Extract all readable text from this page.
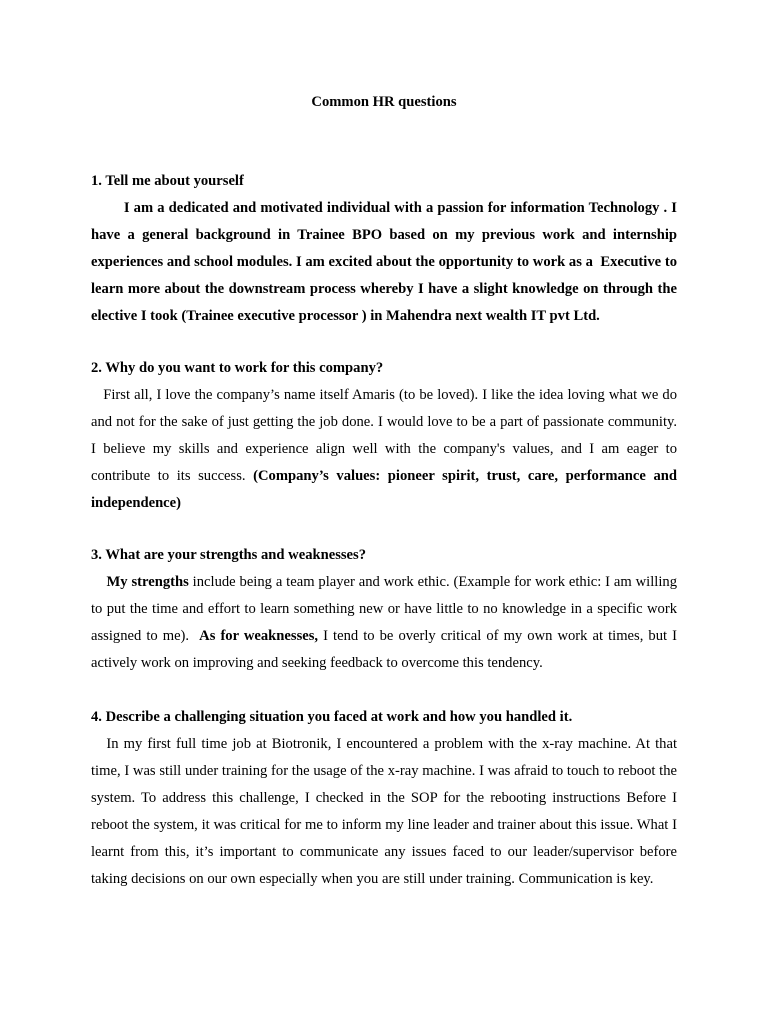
Common HR questions
1. Tell me about yourself
I am a dedicated and motivated individual with a passion for information Technology . I have a general background in Trainee BPO based on my previous work and internship experiences and school modules. I am excited about the opportunity to work as a  Executive to learn more about the downstream process whereby I have a slight knowledge on through the elective I took (Trainee executive processor ) in Mahendra next wealth IT pvt Ltd.
2. Why do you want to work for this company?
First all, I love the company’s name itself Amaris (to be loved). I like the idea loving what we do and not for the sake of just getting the job done. I would love to be a part of passionate community. I believe my skills and experience align well with the company's values, and I am eager to contribute to its success. (Company’s values: pioneer spirit, trust, care, performance and independence)
3. What are your strengths and weaknesses?
My strengths include being a team player and work ethic. (Example for work ethic: I am willing to put the time and effort to learn something new or have little to no knowledge in a specific work assigned to me).  As for weaknesses, I tend to be overly critical of my own work at times, but I actively work on improving and seeking feedback to overcome this tendency.
4. Describe a challenging situation you faced at work and how you handled it.
In my first full time job at Biotronik, I encountered a problem with the x-ray machine. At that time, I was still under training for the usage of the x-ray machine. I was afraid to touch to reboot the system. To address this challenge, I checked in the SOP for the rebooting instructions Before I reboot the system, it was critical for me to inform my line leader and trainer about this issue. What I learnt from this, it’s important to communicate any issues faced to our leader/supervisor before taking decisions on our own especially when you are still under training. Communication is key.
